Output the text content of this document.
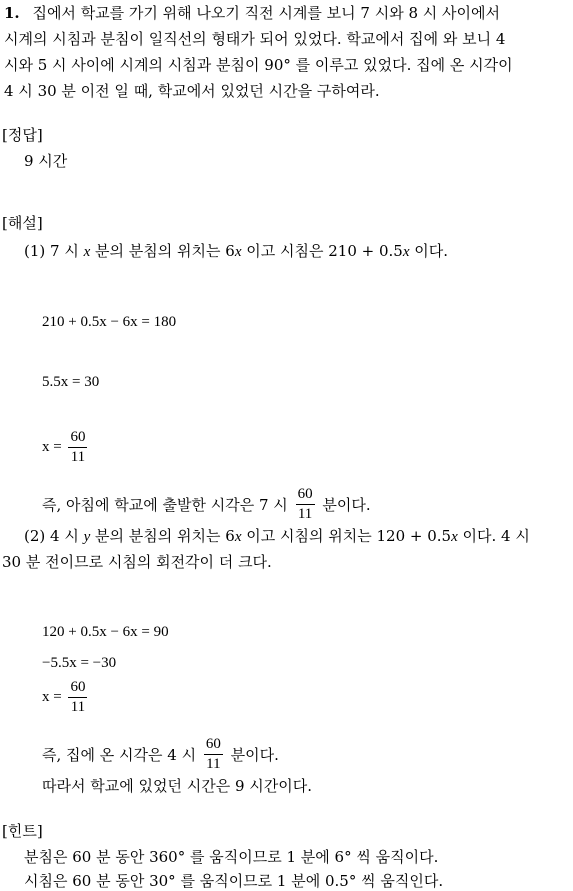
1. 집에서 학교를 가기 위해 나오기 직전 시계를 보니 7 시와 8 시 사이에서
시계의 시침과 분침이 일직선의 형태가 되어 있었다. 학교에서 집에 와 보니 4
시와 5 시 사이에 시계의 시침과 분침이 90° 를 이루고 있었다. 집에 온 시각이
4 시 30 분 이전 일 때, 학교에서 있었던 시간을 구하여라.
[정답]
9 시간
[해설]
(1) 7 시 x 분의 분침의 위치는 6x 이고 시침은 210 + 0.5x 이다.
210 + 0.5x − 6x = 180
5.5x = 30
$x = \frac{60}{11}$
즉, 아침에 학교에 출발한 시각은 7 시 $\frac{60}{11}$ 분이다.
(2) 4 시 y 분의 분침의 위치는 6x 이고 시침의 위치는 120 + 0.5x 이다. 4 시
30 분 전이므로 시침의 회전각이 더 크다.
120 + 0.5x − 6x = 90
−5.5x = −30
$x = \frac{60}{11}$
즉, 집에 온 시각은 4 시 $\frac{60}{11}$ 분이다.
따라서 학교에 있었던 시간은 9 시간이다.
[힌트]
분침은 60 분 동안 360° 를 움직이므로 1 분에 6° 씩 움직이다.
시침은 60 분 동안 30° 를 움직이므로 1 분에 0.5° 씩 움직인다.
